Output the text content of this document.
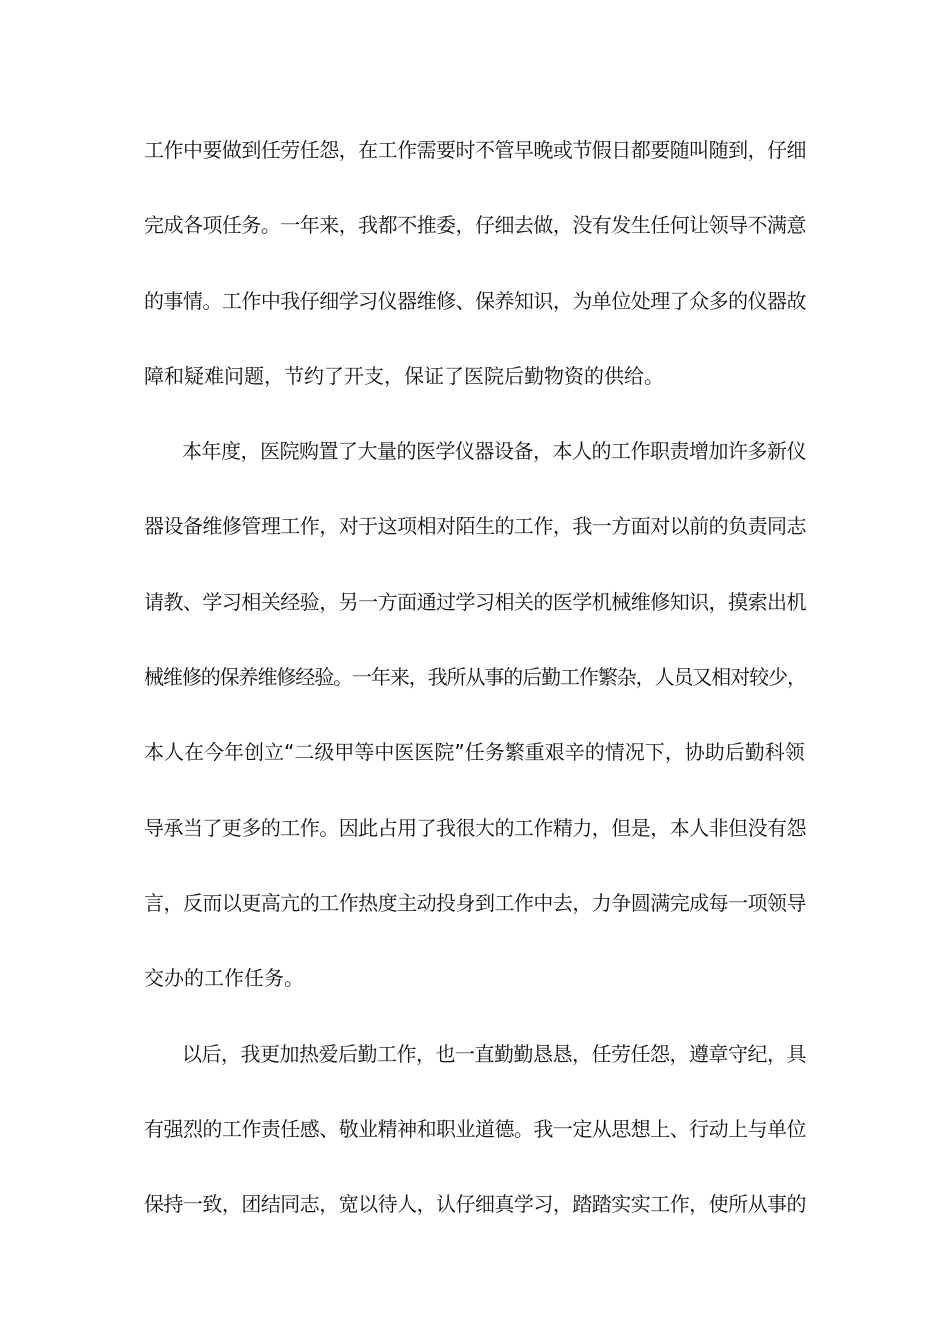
工作中要做到任劳任怨，在工作需要时不管早晚或节假日都要随叫随到，仔细
完成各项任务。一年来，我都不推委，仔细去做，没有发生任何让领导不满意
的事情。工作中我仔细学习仪器维修、保养知识，为单位处理了众多的仪器故
障和疑难问题，节约了开支，保证了医院后勤物资的供给。
本年度，医院购置了大量的医学仪器设备，本人的工作职责增加许多新仪
器设备维修管理工作，对于这项相对陌生的工作，我一方面对以前的负责同志
请教、学习相关经验，另一方面通过学习相关的医学机械维修知识，摸索出机
械维修的保养维修经验。一年来，我所从事的后勤工作繁杂，人员又相对较少，
本人在今年创立“二级甲等中医医院”任务繁重艰辛的情况下，协助后勤科领
导承当了更多的工作。因此占用了我很大的工作精力，但是，本人非但没有怨
言，反而以更高亢的工作热度主动投身到工作中去，力争圆满完成每一项领导
交办的工作任务。
以后，我更加热爱后勤工作，也一直勤勤恳恳，任劳任怨，遵章守纪，具
有强烈的工作责任感、敬业精神和职业道德。我一定从思想上、行动上与单位
保持一致，团结同志，宽以待人，认仔细真学习，踏踏实实工作，使所从事的
